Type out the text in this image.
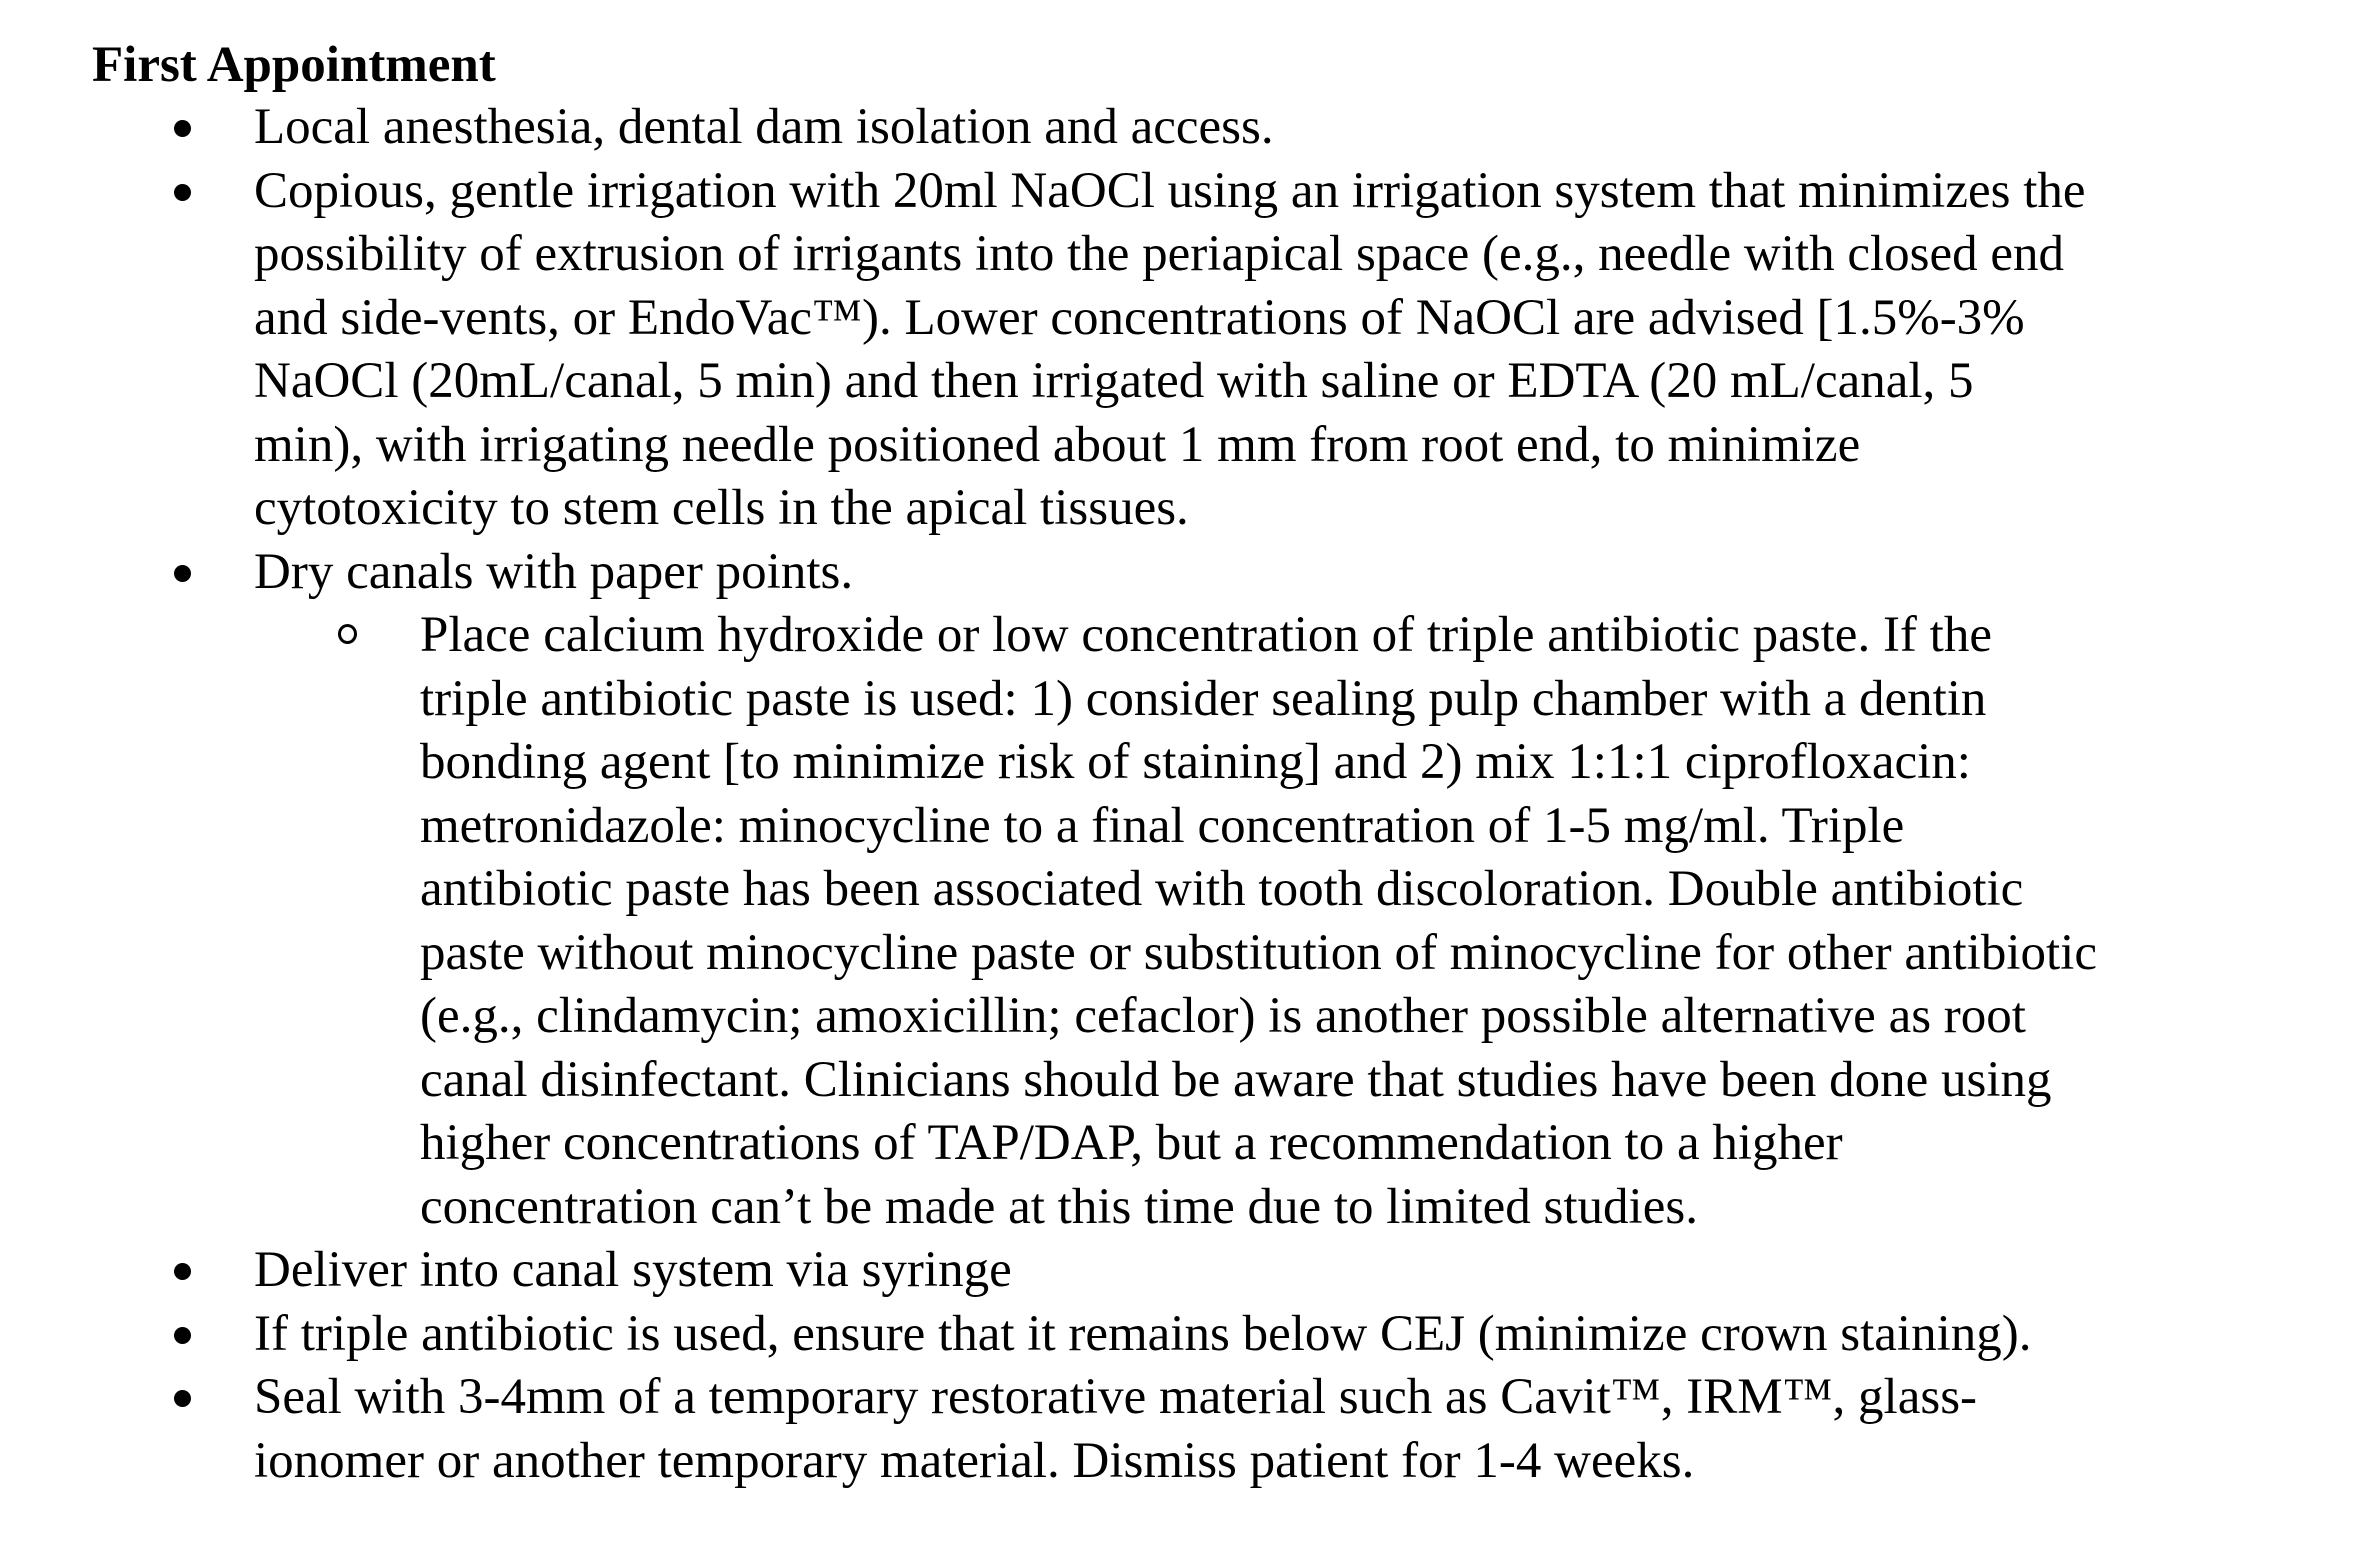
First Appointment
Local anesthesia, dental dam isolation and access.
Copious, gentle irrigation with 20ml NaOCl using an irrigation system that minimizes the
possibility of extrusion of irrigants into the periapical space (e.g., needle with closed end
and side-vents, or EndoVac™). Lower concentrations of NaOCl are advised [1.5%-3%
NaOCl (20mL/canal, 5 min) and then irrigated with saline or EDTA (20 mL/canal, 5
min), with irrigating needle positioned about 1 mm from root end, to minimize
cytotoxicity to stem cells in the apical tissues.
Dry canals with paper points.
Place calcium hydroxide or low concentration of triple antibiotic paste. If the
triple antibiotic paste is used: 1) consider sealing pulp chamber with a dentin
bonding agent [to minimize risk of staining] and 2) mix 1:1:1 ciprofloxacin:
metronidazole: minocycline to a final concentration of 1-5 mg/ml. Triple
antibiotic paste has been associated with tooth discoloration. Double antibiotic
paste without minocycline paste or substitution of minocycline for other antibiotic
(e.g., clindamycin; amoxicillin; cefaclor) is another possible alternative as root
canal disinfectant. Clinicians should be aware that studies have been done using
higher concentrations of TAP/DAP, but a recommendation to a higher
concentration can’t be made at this time due to limited studies.
Deliver into canal system via syringe
If triple antibiotic is used, ensure that it remains below CEJ (minimize crown staining).
Seal with 3-4mm of a temporary restorative material such as Cavit™, IRM™, glass-
ionomer or another temporary material. Dismiss patient for 1-4 weeks.
